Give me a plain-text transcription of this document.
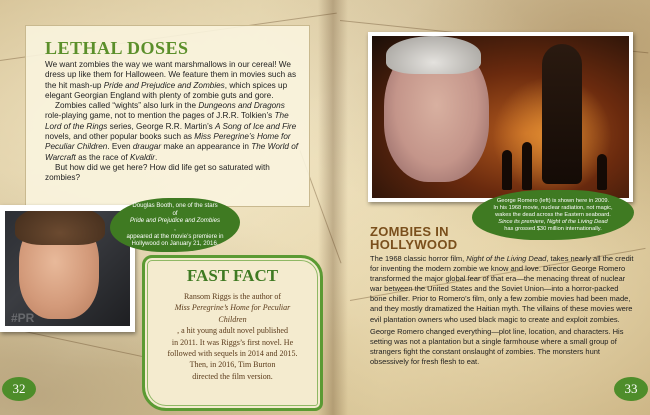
LETHAL DOSES

We want zombies the way we want marshmallows in our cereal! We dress up like them for Halloween. We feature them in movies such as the hit mash-up Pride and Prejudice and Zombies, which spices up elegant Georgian England with plenty of zombie guts and gore.

Zombies called “wights” also lurk in the Dungeons and Dragons role-playing game, not to mention the pages of J.R.R. Tolkien’s The Lord of the Rings series, George R.R. Martin’s A Song of Ice and Fire novels, and other popular books such as Miss Peregrine’s Home for Peculiar Children. Even draugar make an appearance in The World of Warcraft as the race of Kvaldir.

But how did we get here? How did life get so saturated with zombies?

#PR
Douglas Booth, one of the stars
of
Pride and Prejudice and Zombies
,
appeared at the movie’s premiere in
Hollywood on January 21, 2016.
FAST FACT
Ransom Riggs is the author of
Miss Peregrine’s Home for Peculiar
Children
, a hit young adult novel published
in 2011. It was Riggs’s first novel. He
followed with sequels in 2014 and 2015.
Then, in 2016, Tim Burton
directed the film version.
32
George Romero (left) is shown here in 2009.
In his 1968 movie, nuclear radiation, not magic,
wakes the dead across the Eastern seaboard.
Since its premiere, Night of the Living Dead
has grossed $30 million internationally.
ZOMBIES IN
HOLLYWOOD

The 1968 classic horror film, Night of the Living Dead, takes nearly all the credit for inventing the modern zombie we know and love. Director George Romero transformed the major global fear of that era—the menacing threat of nuclear war between the United States and the Soviet Union—into a horror-packed bone chiller. Prior to Romero’s film, only a few zombie movies had been made, and they mostly dramatized the Haitian myth. The villains of these movies were evil plantation owners who used black magic to create and exploit zombies.

George Romero changed everything—plot line, location, and characters. His setting was not a plantation but a single farmhouse where a small group of strangers fight the constant onslaught of zombies. The monsters hunt obsessively for fresh flesh to eat.

33
